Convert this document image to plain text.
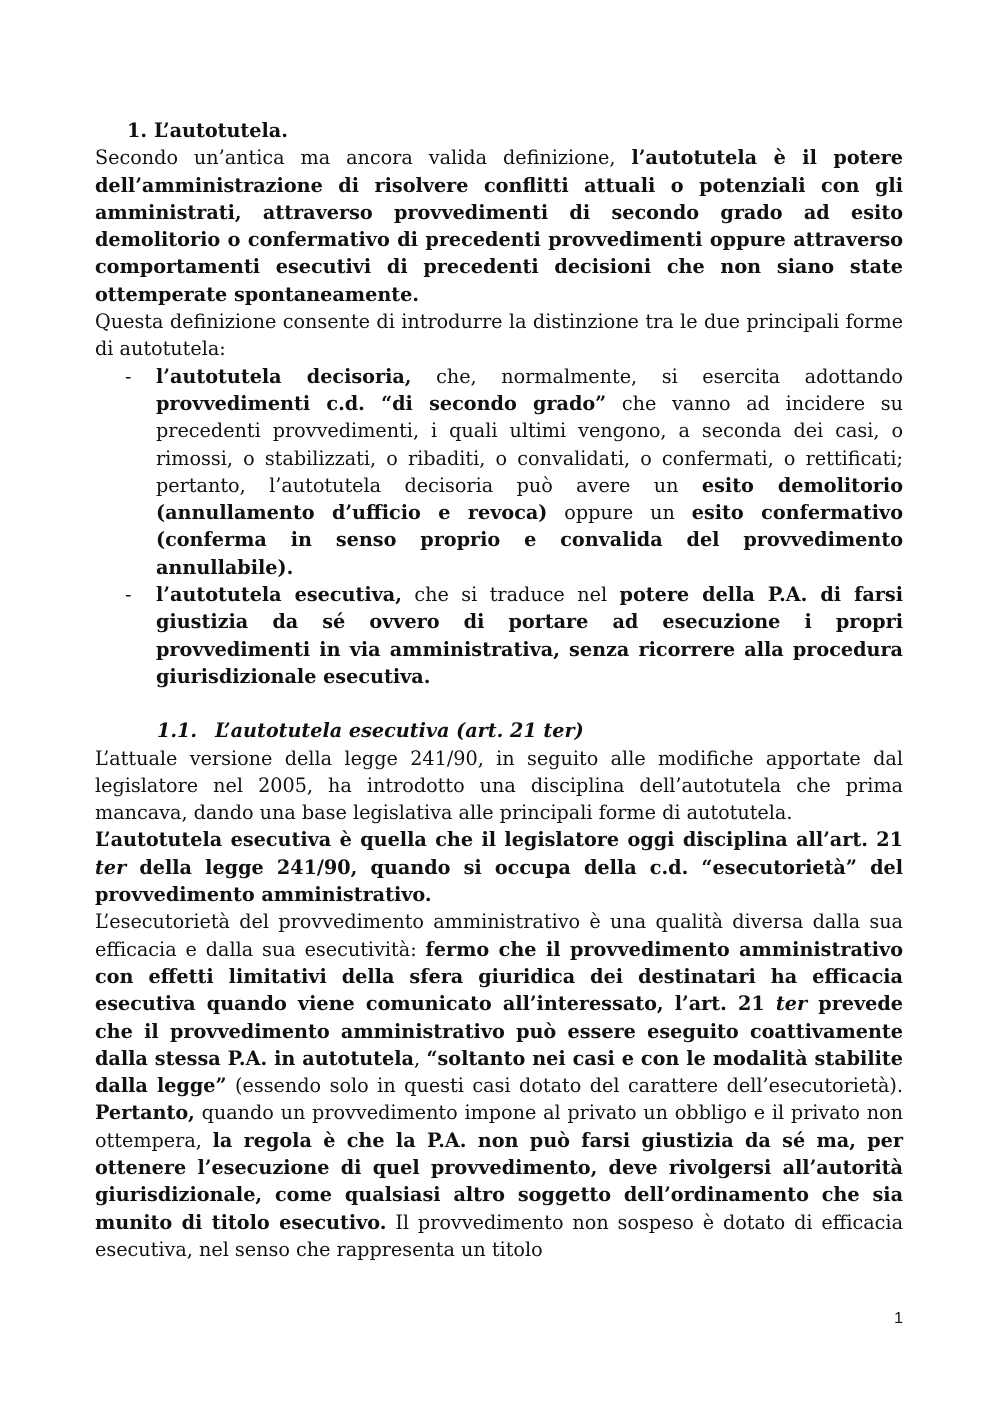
1. L’autotutela.

Secondo un’antica ma ancora valida definizione, l’autotutela è il potere dell’amministrazione di risolvere conflitti attuali o potenziali con gli amministrati, attraverso provvedimenti di secondo grado ad esito demolitorio o confermativo di precedenti provvedimenti oppure attraverso comportamenti esecutivi di precedenti decisioni che non siano state ottemperate spontaneamente.

Questa definizione consente di introdurre la distinzione tra le due principali forme di autotutela:

- l’autotutela decisoria, che, normalmente, si esercita adottando provvedimenti c.d. “di secondo grado” che vanno ad incidere su precedenti provvedimenti, i quali ultimi vengono, a seconda dei casi, o rimossi, o stabilizzati, o ribaditi, o convalidati, o confermati, o rettificati; pertanto, l’autotutela decisoria può avere un esito demolitorio (annullamento d’ufficio e revoca) oppure un esito confermativo (conferma in senso proprio e convalida del provvedimento annullabile).
- l’autotutela esecutiva, che si traduce nel potere della P.A. di farsi giustizia da sé ovvero di portare ad esecuzione i propri provvedimenti in via amministrativa, senza ricorrere alla procedura giurisdizionale esecutiva.

1.1. L’autotutela esecutiva (art. 21 ter)

L’attuale versione della legge 241/90, in seguito alle modifiche apportate dal legislatore nel 2005, ha introdotto una disciplina dell’autotutela che prima mancava, dando una base legislativa alle principali forme di autotutela.

L’autotutela esecutiva è quella che il legislatore oggi disciplina all’art. 21 ter della legge 241/90, quando si occupa della c.d. “esecutorietà” del provvedimento amministrativo.

L’esecutorietà del provvedimento amministrativo è una qualità diversa dalla sua efficacia e dalla sua esecutività: fermo che il provvedimento amministrativo con effetti limitativi della sfera giuridica dei destinatari ha efficacia esecutiva quando viene comunicato all’interessato, l’art. 21 ter prevede che il provvedimento amministrativo può essere eseguito coattivamente dalla stessa P.A. in autotutela, “soltanto nei casi e con le modalità stabilite dalla legge” (essendo solo in questi casi dotato del carattere dell’esecutorietà). Pertanto, quando un provvedimento impone al privato un obbligo e il privato non ottempera, la regola è che la P.A. non può farsi giustizia da sé ma, per ottenere l’esecuzione di quel provvedimento, deve rivolgersi all’autorità giurisdizionale, come qualsiasi altro soggetto dell’ordinamento che sia munito di titolo esecutivo. Il provvedimento non sospeso è dotato di efficacia esecutiva, nel senso che rappresenta un titolo

1
